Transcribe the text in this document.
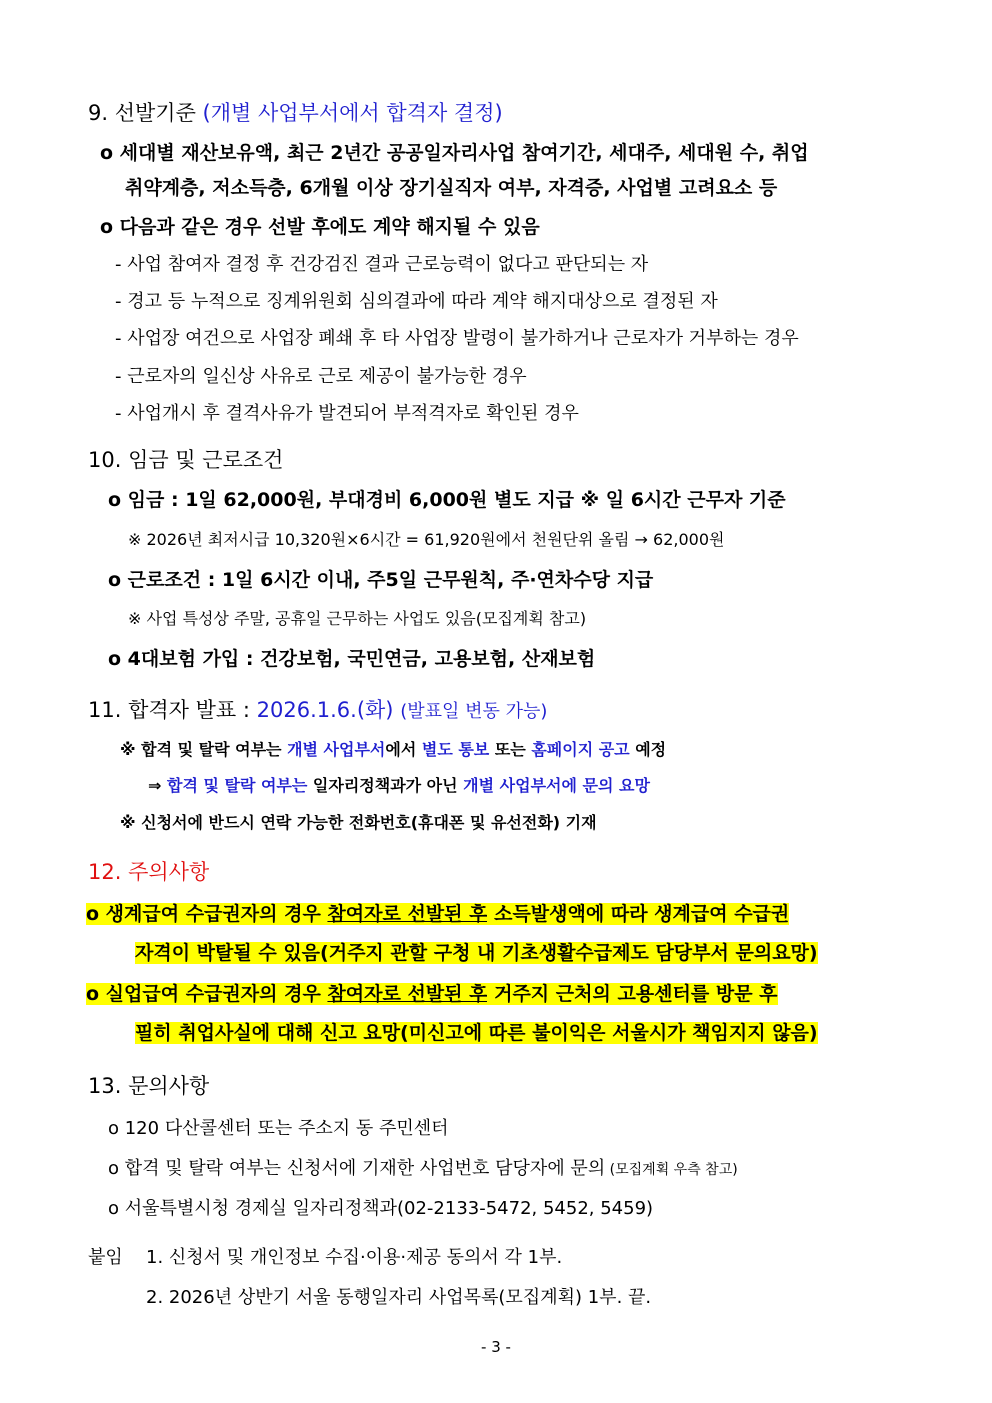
9. 선발기준 (개별 사업부서에서 합격자 결정)
o 세대별 재산보유액, 최근 2년간 공공일자리사업 참여기간, 세대주, 세대원 수, 취업
취약계층, 저소득층, 6개월 이상 장기실직자 여부, 자격증, 사업별 고려요소 등
o 다음과 같은 경우 선발 후에도 계약 해지될 수 있음
- 사업 참여자 결정 후 건강검진 결과 근로능력이 없다고 판단되는 자
- 경고 등 누적으로 징계위원회 심의결과에 따라 계약 해지대상으로 결정된 자
- 사업장 여건으로 사업장 폐쇄 후 타 사업장 발령이 불가하거나 근로자가 거부하는 경우
- 근로자의 일신상 사유로 근로 제공이 불가능한 경우
- 사업개시 후 결격사유가 발견되어 부적격자로 확인된 경우
10. 임금 및 근로조건
o 임금 : 1일 62,000원, 부대경비 6,000원 별도 지급 ※ 일 6시간 근무자 기준
※ 2026년 최저시급 10,320원×6시간 = 61,920원에서 천원단위 올림 → 62,000원
o 근로조건 : 1일 6시간 이내, 주5일 근무원칙, 주·연차수당 지급
※ 사업 특성상 주말, 공휴일 근무하는 사업도 있음(모집계획 참고)
o 4대보험 가입 : 건강보험, 국민연금, 고용보험, 산재보험
11. 합격자 발표 : 2026.1.6.(화) (발표일 변동 가능)
※ 합격 및 탈락 여부는 개별 사업부서에서 별도 통보 또는 홈페이지 공고 예정
⇒ 합격 및 탈락 여부는 일자리정책과가 아닌 개별 사업부서에 문의 요망
※ 신청서에 반드시 연락 가능한 전화번호(휴대폰 및 유선전화) 기재
12. 주의사항
o 생계급여 수급권자의 경우 참여자로 선발된 후 소득발생액에 따라 생계급여 수급권
자격이 박탈될 수 있음(거주지 관할 구청 내 기초생활수급제도 담당부서 문의요망)
o 실업급여 수급권자의 경우 참여자로 선발된 후 거주지 근처의 고용센터를 방문 후
필히 취업사실에 대해 신고 요망(미신고에 따른 불이익은 서울시가 책임지지 않음)
13. 문의사항
o 120 다산콜센터 또는 주소지 동 주민센터
o 합격 및 탈락 여부는 신청서에 기재한 사업번호 담당자에 문의 (모집계획 우측 참고)
o 서울특별시청 경제실 일자리정책과(02-2133-5472, 5452, 5459)
붙임 1. 신청서 및 개인정보 수집·이용·제공 동의서 각 1부.
2. 2026년 상반기 서울 동행일자리 사업목록(모집계획) 1부. 끝.
- 3 -
